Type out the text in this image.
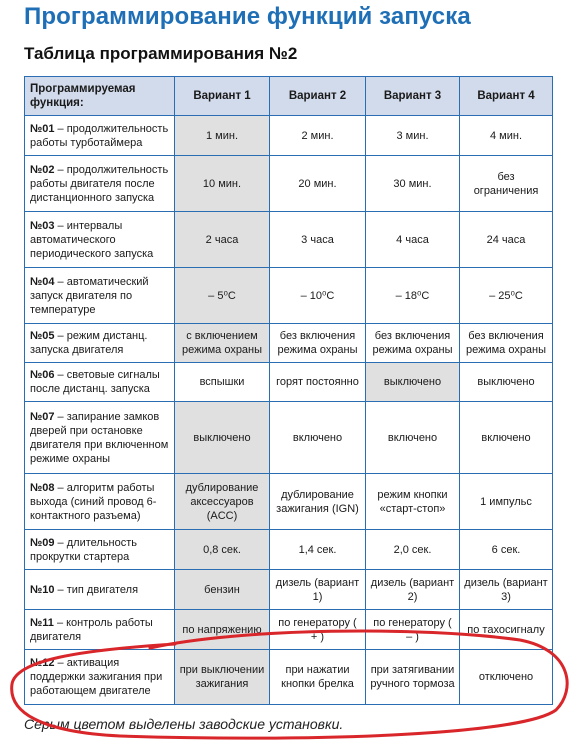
Программирование функций запуска
Таблица программирования №2
Программируемая функция:	Вариант 1	Вариант 2	Вариант 3	Вариант 4
№01 – продолжительность работы турботаймера	1 мин.	2 мин.	3 мин.	4 мин.
№02 – продолжительность работы двигателя после дистанционного запуска	10 мин.	20 мин.	30 мин.	без ограничения
№03 – интервалы автоматического периодического запуска	2 часа	3 часа	4 часа	24 часа
№04 – автоматический запуск двигателя по температуре	– 5⁰С	– 10⁰С	– 18⁰С	– 25⁰С
№05 – режим дистанц. запуска двигателя	с включением режима охраны	без включения режима охраны	без включения режима охраны	без включения режима охраны
№06 – световые сигналы после дистанц. запуска	вспышки	горят постоянно	выключено	выключено
№07 – запирание замков дверей при остановке двигателя при включенном режиме охраны	выключено	включено	включено	включено
№08 – алгоритм работы выхода (синий провод 6-контактного разъема)	дублирование аксессуаров (ACC)	дублирование зажигания (IGN)	режим кнопки «старт-стоп»	1 импульс
№09 – длительность прокрутки стартера	0,8 сек.	1,4 сек.	2,0 сек.	6 сек.
№10 – тип двигателя	бензин	дизель (вариант 1)	дизель (вариант 2)	дизель (вариант 3)
№11 – контроль работы двигателя	по напряжению	по генератору ( + )	по генератору ( – )	по тахосигналу
№12 – активация поддержки зажигания при работающем двигателе	при выключении зажигания	при нажатии кнопки брелка	при затягивании ручного тормоза	отключено
Серым цветом выделены заводские установки.
